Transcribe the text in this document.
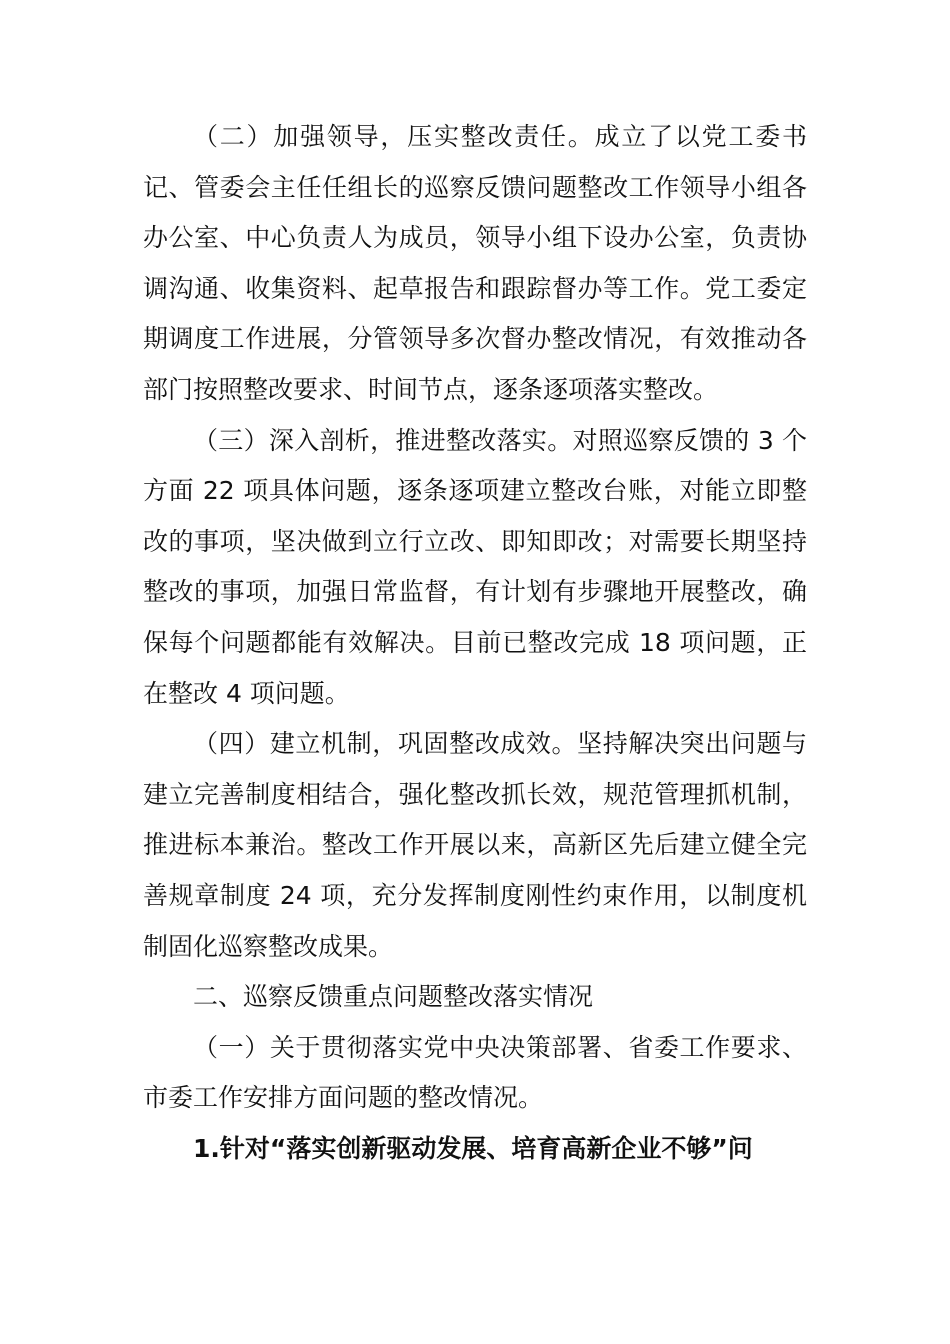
（二）加强领导，压实整改责任。成立了以党工委书记、管委会主任任组长的巡察反馈问题整改工作领导小组各办公室、中心负责人为成员，领导小组下设办公室，负责协调沟通、收集资料、起草报告和跟踪督办等工作。党工委定期调度工作进展，分管领导多次督办整改情况，有效推动各部门按照整改要求、时间节点，逐条逐项落实整改。

（三）深入剖析，推进整改落实。对照巡察反馈的 3 个方面 22 项具体问题，逐条逐项建立整改台账，对能立即整改的事项，坚决做到立行立改、即知即改；对需要长期坚持整改的事项，加强日常监督，有计划有步骤地开展整改，确保每个问题都能有效解决。目前已整改完成 18 项问题，正在整改 4 项问题。

（四）建立机制，巩固整改成效。坚持解决突出问题与建立完善制度相结合，强化整改抓长效，规范管理抓机制，推进标本兼治。整改工作开展以来，高新区先后建立健全完善规章制度 24 项，充分发挥制度刚性约束作用，以制度机制固化巡察整改成果。

二、巡察反馈重点问题整改落实情况

（一）关于贯彻落实党中央决策部署、省委工作要求、市委工作安排方面问题的整改情况。

1.针对“落实创新驱动发展、培育高新企业不够”问
